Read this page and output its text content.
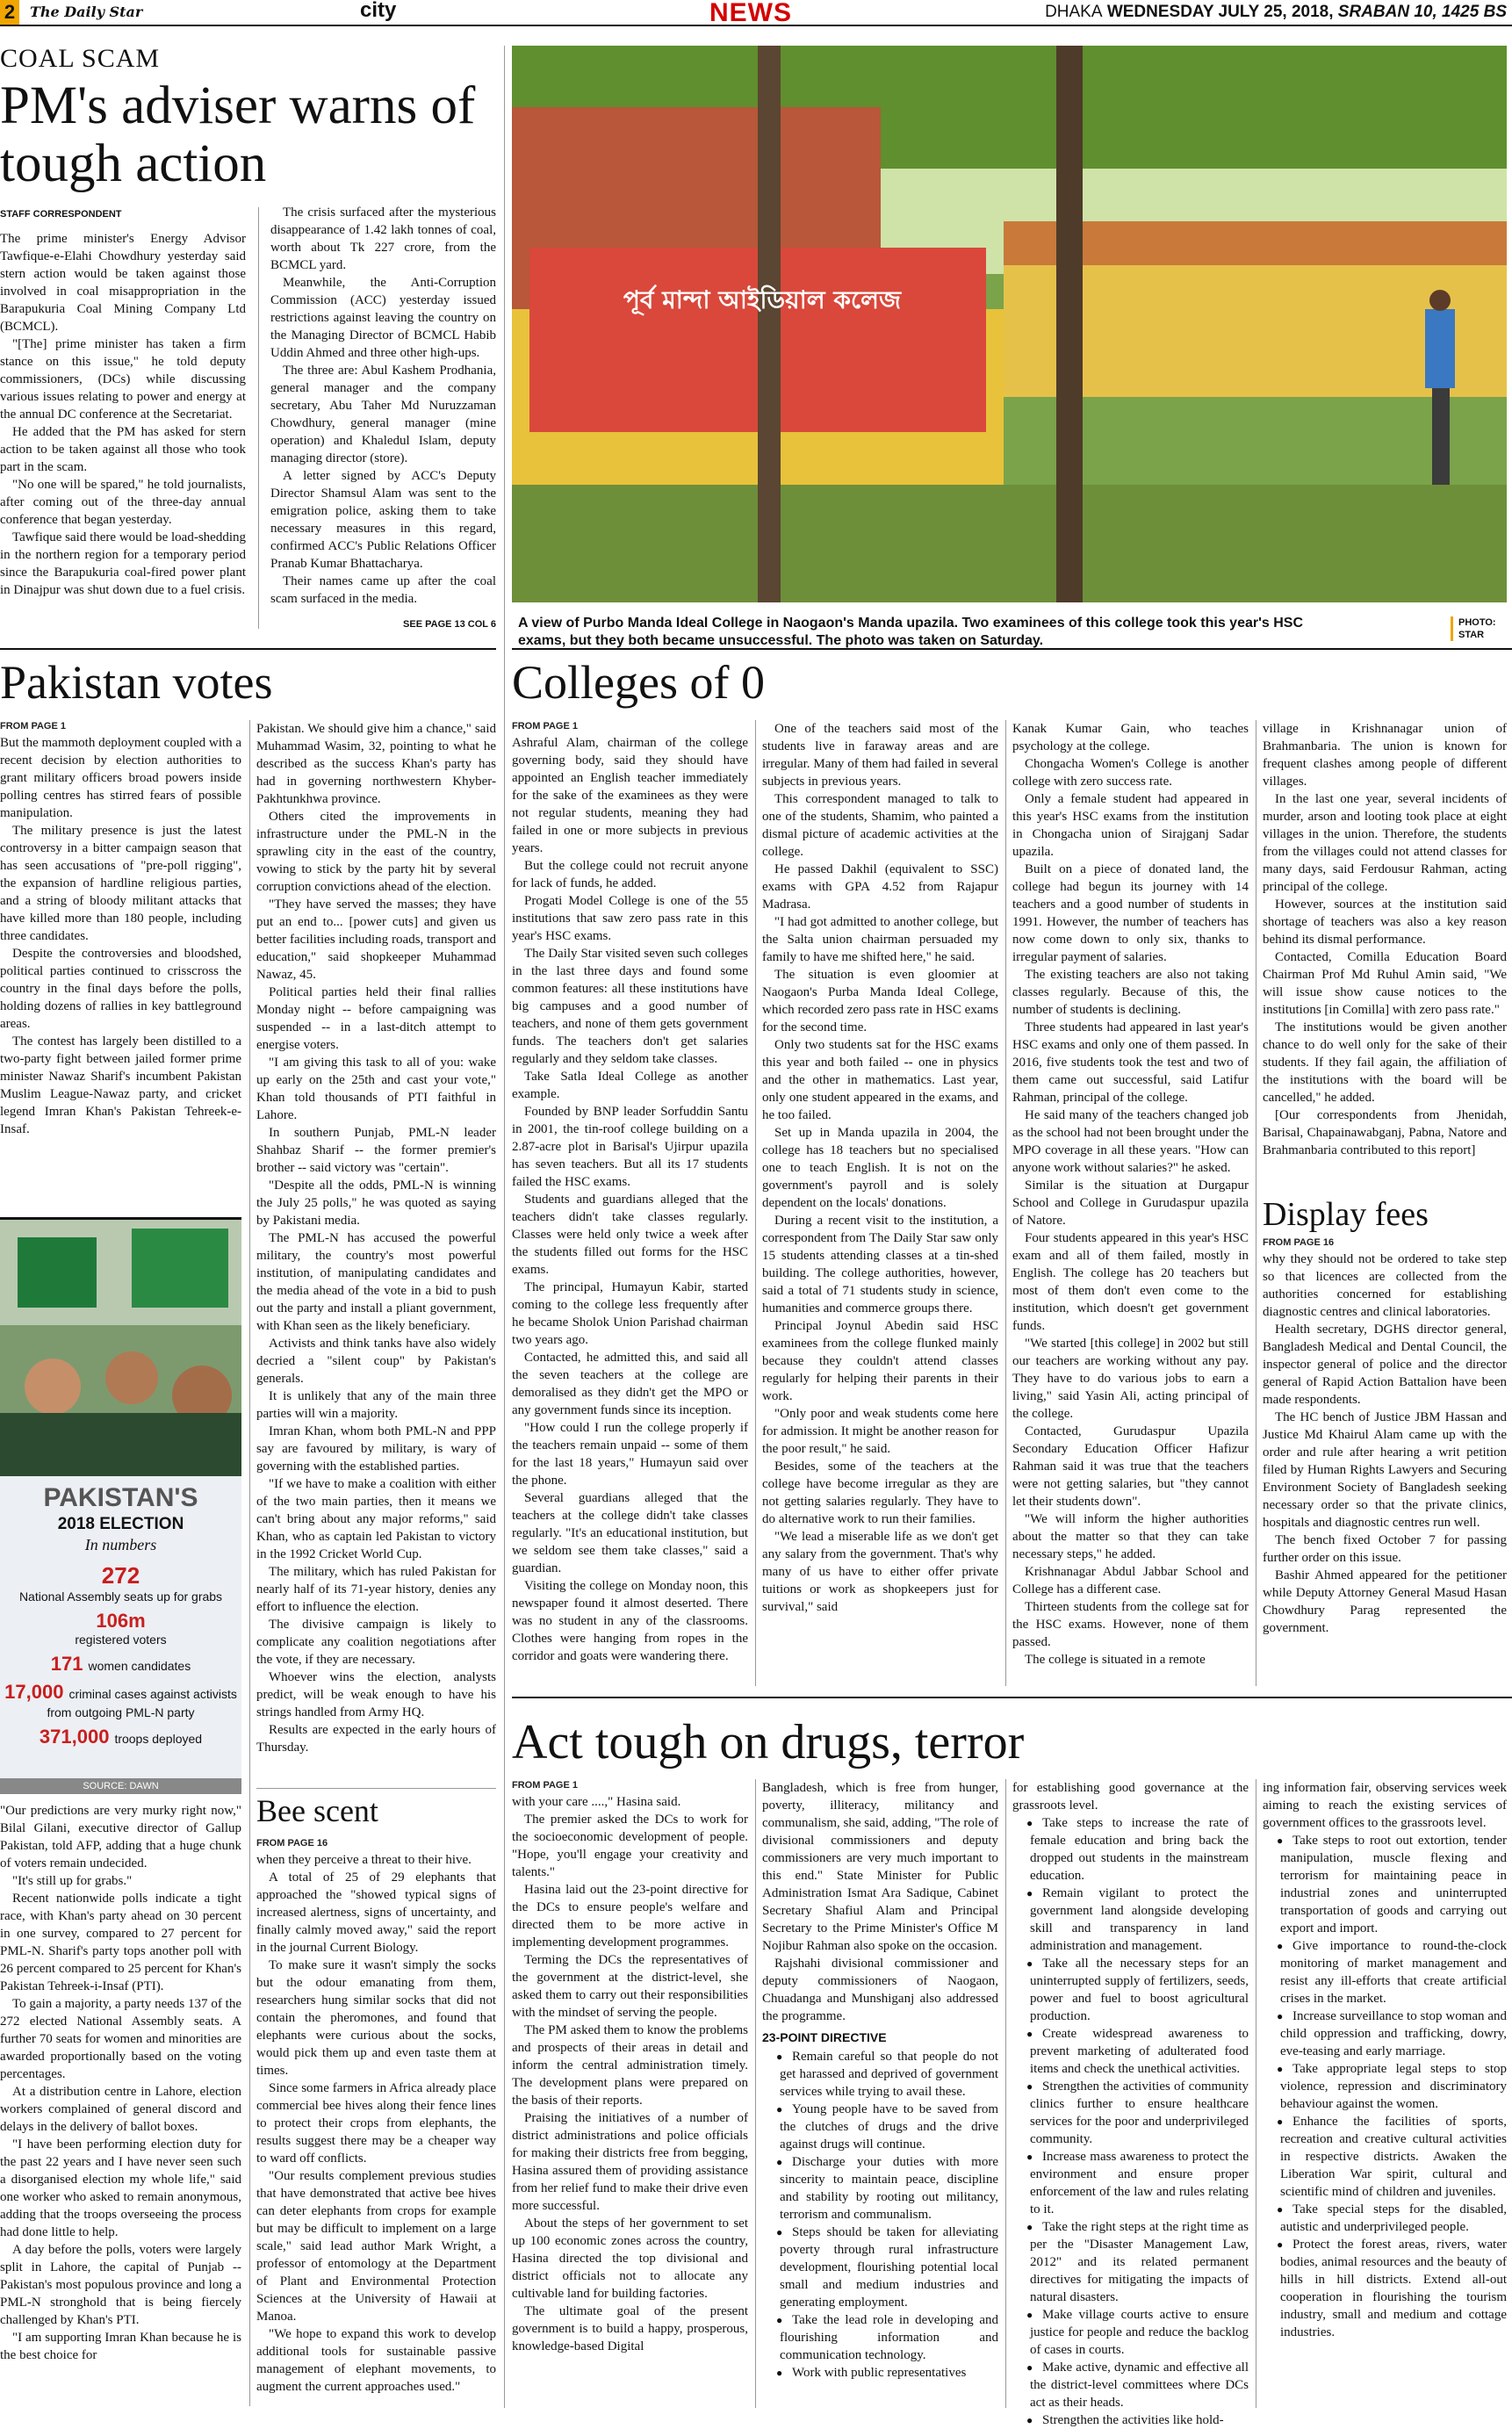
2	The Daily Star	city	NEWS	DHAKA WEDNESDAY JULY 25, 2018, SRABAN 10, 1425 BS
COAL SCAM
PM's adviser warns of tough action
STAFF CORRESPONDENT

The prime minister's Energy Advisor Tawfique-e-Elahi Chowdhury yesterday said stern action would be taken against those involved in coal misappropriation in the Barapukuria Coal Mining Company Ltd (BCMCL).

"[The] prime minister has taken a firm stance on this issue," he told deputy commissioners, (DCs) while discussing various issues relating to power and energy at the annual DC conference at the Secretariat.

He added that the PM has asked for stern action to be taken against all those who took part in the scam.

"No one will be spared," he told journalists, after coming out of the three-day annual conference that began yesterday.

Tawfique said there would be load-shedding in the northern region for a temporary period since the Barapukuria coal-fired power plant in Dinajpur was shut down due to a fuel crisis.

The crisis surfaced after the mysterious disappearance of 1.42 lakh tonnes of coal, worth about Tk 227 crore, from the BCMCL yard.

Meanwhile, the Anti-Corruption Commission (ACC) yesterday issued restrictions against leaving the country on the Managing Director of BCMCL Habib Uddin Ahmed and three other high-ups.

The three are: Abul Kashem Prodhania, general manager and the company secretary, Abu Taher Md Nuruzzaman Chowdhury, general manager (mine operation) and Khaledul Islam, deputy managing director (store).

A letter signed by ACC's Deputy Director Shamsul Alam was sent to the emigration police, asking them to take necessary measures in this regard, confirmed ACC's Public Relations Officer Pranab Kumar Bhattacharya.

Their names came up after the coal scam surfaced in the media.

SEE PAGE 13 COL 6
পূর্ব মান্দা আইডিয়াল কলেজ
A view of Purbo Manda Ideal College in Naogaon's Manda upazila. Two examinees of this college took this year's HSC exams, but they both became unsuccessful. The photo was taken on Saturday.
PHOTO:
STAR
Pakistan votes
FROM PAGE 1

But the mammoth deployment coupled with a recent decision by election authorities to grant military officers broad powers inside polling centres has stirred fears of possible manipulation.

The military presence is just the latest controversy in a bitter campaign season that has seen accusations of "pre-poll rigging", the expansion of hardline religious parties, and a string of bloody militant attacks that have killed more than 180 people, including three candidates.

Despite the controversies and bloodshed, political parties continued to crisscross the country in the final days before the polls, holding dozens of rallies in key battleground areas.

The contest has largely been distilled to a two-party fight between jailed former prime minister Nawaz Sharif's incumbent Pakistan Muslim League-Nawaz party, and cricket legend Imran Khan's Pakistan Tehreek-e-Insaf.

PAKISTAN'S
2018 ELECTION
In numbers
272
National Assembly seats up for grabs
106m
registered voters
171 women candidates
17,000 criminal cases against activists from outgoing PML-N party
371,000 troops deployed
SOURCE: DAWN

"Our predictions are very murky right now," Bilal Gilani, executive director of Gallup Pakistan, told AFP, adding that a huge chunk of voters remain undecided.

"It's still up for grabs."

Recent nationwide polls indicate a tight race, with Khan's party ahead on 30 percent in one survey, compared to 27 percent for PML-N. Sharif's party tops another poll with 26 percent compared to 25 percent for Khan's Pakistan Tehreek-i-Insaf (PTI).

To gain a majority, a party needs 137 of the 272 elected National Assembly seats. A further 70 seats for women and minorities are awarded proportionally based on the voting percentages.

At a distribution centre in Lahore, election workers complained of general discord and delays in the delivery of ballot boxes.

"I have been performing election duty for the past 22 years and I have never seen such a disorganised election my whole life," said one worker who asked to remain anonymous, adding that the troops overseeing the process had done little to help.

A day before the polls, voters were largely split in Lahore, the capital of Punjab -- Pakistan's most populous province and long a PML-N stronghold that is being fiercely challenged by Khan's PTI.

"I am supporting Imran Khan because he is the best choice for

Pakistan. We should give him a chance," said Muhammad Wasim, 32, pointing to what he described as the success Khan's party has had in governing northwestern Khyber-Pakhtunkhwa province.

Others cited the improvements in infrastructure under the PML-N in the sprawling city in the east of the country, vowing to stick by the party hit by several corruption convictions ahead of the election.

"They have served the masses; they have put an end to... [power cuts] and given us better facilities including roads, transport and education," said shopkeeper Muhammad Nawaz, 45.

Political parties held their final rallies Monday night -- before campaigning was suspended -- in a last-ditch attempt to energise voters.

"I am giving this task to all of you: wake up early on the 25th and cast your vote," Khan told thousands of PTI faithful in Lahore.

In southern Punjab, PML-N leader Shahbaz Sharif -- the former premier's brother -- said victory was "certain".

"Despite all the odds, PML-N is winning the July 25 polls," he was quoted as saying by Pakistani media.

The PML-N has accused the powerful military, the country's most powerful institution, of manipulating candidates and the media ahead of the vote in a bid to push out the party and install a pliant government, with Khan seen as the likely beneficiary.

Activists and think tanks have also widely decried a "silent coup" by Pakistan's generals.

It is unlikely that any of the main three parties will win a majority.

Imran Khan, whom both PML-N and PPP say are favoured by military, is wary of governing with the established parties.

"If we have to make a coalition with either of the two main parties, then it means we can't bring about any major reforms," said Khan, who as captain led Pakistan to victory in the 1992 Cricket World Cup.

The military, which has ruled Pakistan for nearly half of its 71-year history, denies any effort to influence the election.

The divisive campaign is likely to complicate any coalition negotiations after the vote, if they are necessary.

Whoever wins the election, analysts predict, will be weak enough to have his strings handled from Army HQ.

Results are expected in the early hours of Thursday.

Bee scent
FROM PAGE 16

when they perceive a threat to their hive.

A total of 25 of 29 elephants that approached the "showed typical signs of increased alertness, signs of uncertainty, and finally calmly moved away," said the report in the journal Current Biology.

To make sure it wasn't simply the socks but the odour emanating from them, researchers hung similar socks that did not contain the pheromones, and found that elephants were curious about the socks, would pick them up and even taste them at times.

Since some farmers in Africa already place commercial bee hives along their fence lines to protect their crops from elephants, the results suggest there may be a cheaper way to ward off conflicts.

"Our results complement previous studies that have demonstrated that active bee hives can deter elephants from crops for example but may be difficult to implement on a large scale," said lead author Mark Wright, a professor of entomology at the Department of Plant and Environmental Protection Sciences at the University of Hawaii at Manoa.

"We hope to expand this work to develop additional tools for sustainable passive management of elephant movements, to augment the current approaches used."

Colleges of 0
FROM PAGE 1

Ashraful Alam, chairman of the college governing body, said they should have appointed an English teacher immediately for the sake of the examinees as they were not regular students, meaning they had failed in one or more subjects in previous years.

But the college could not recruit anyone for lack of funds, he added.

Progati Model College is one of the 55 institutions that saw zero pass rate in this year's HSC exams.

The Daily Star visited seven such colleges in the last three days and found some common features: all these institutions have big campuses and a good number of teachers, and none of them gets government funds. The teachers don't get salaries regularly and they seldom take classes.

Take Satla Ideal College as another example.

Founded by BNP leader Sorfuddin Santu in 2001, the tin-roof college building on a 2.87-acre plot in Barisal's Ujirpur upazila has seven teachers. But all its 17 students failed the HSC exams.

Students and guardians alleged that the teachers didn't take classes regularly. Classes were held only twice a week after the students filled out forms for the HSC exams.

The principal, Humayun Kabir, started coming to the college less frequently after he became Sholok Union Parishad chairman two years ago.

Contacted, he admitted this, and said all the seven teachers at the college are demoralised as they didn't get the MPO or any government funds since its inception.

"How could I run the college properly if the teachers remain unpaid -- some of them for the last 18 years," Humayun said over the phone.

Several guardians alleged that the teachers at the college didn't take classes regularly. "It's an educational institution, but we seldom see them take classes," said a guardian.

Visiting the college on Monday noon, this newspaper found it almost deserted. There was no student in any of the classrooms. Clothes were hanging from ropes in the corridor and goats were wandering there.

One of the teachers said most of the students live in faraway areas and are irregular. Many of them had failed in several subjects in previous years.

This correspondent managed to talk to one of the students, Shamim, who painted a dismal picture of academic activities at the college.

He passed Dakhil (equivalent to SSC) exams with GPA 4.52 from Rajapur Madrasa.

"I had got admitted to another college, but the Salta union chairman persuaded my family to have me shifted here," he said.

The situation is even gloomier at Naogaon's Purba Manda Ideal College, which recorded zero pass rate in HSC exams for the second time.

Only two students sat for the HSC exams this year and both failed -- one in physics and the other in mathematics. Last year, only one student appeared in the exams, and he too failed.

Set up in Manda upazila in 2004, the college has 18 teachers but no specialised one to teach English. It is not on the government's payroll and is solely dependent on the locals' donations.

During a recent visit to the institution, a correspondent from The Daily Star saw only 15 students attending classes at a tin-shed building. The college authorities, however, said a total of 71 students study in science, humanities and commerce groups there.

Principal Joynul Abedin said HSC examinees from the college flunked mainly because they couldn't attend classes regularly for helping their parents in their work.

"Only poor and weak students come here for admission. It might be another reason for the poor result," he said.

Besides, some of the teachers at the college have become irregular as they are not getting salaries regularly. They have to do alternative work to run their families.

"We lead a miserable life as we don't get any salary from the government. That's why many of us have to either offer private tuitions or work as shopkeepers just for survival," said

Kanak Kumar Gain, who teaches psychology at the college.

Chongacha Women's College is another college with zero success rate.

Only a female student had appeared in this year's HSC exams from the institution in Chongacha union of Sirajganj Sadar upazila.

Built on a piece of donated land, the college had begun its journey with 14 teachers and a good number of students in 1991. However, the number of teachers has now come down to only six, thanks to irregular payment of salaries.

The existing teachers are also not taking classes regularly. Because of this, the number of students is declining.

Three students had appeared in last year's HSC exams and only one of them passed. In 2016, five students took the test and two of them came out successful, said Latifur Rahman, principal of the college.

He said many of the teachers changed job as the school had not been brought under the MPO coverage in all these years. "How can anyone work without salaries?" he asked.

Similar is the situation at Durgapur School and College in Gurudaspur upazila of Natore.

Four students appeared in this year's HSC exam and all of them failed, mostly in English. The college has 20 teachers but most of them don't even come to the institution, which doesn't get government funds.

"We started [this college] in 2002 but still our teachers are working without any pay. They have to do various jobs to earn a living," said Yasin Ali, acting principal of the college.

Contacted, Gurudaspur Upazila Secondary Education Officer Hafizur Rahman said it was true that the teachers were not getting salaries, but "they cannot let their students down".

"We will inform the higher authorities about the matter so that they can take necessary steps," he added.

Krishnanagar Abdul Jabbar School and College has a different case.

Thirteen students from the college sat for the HSC exams. However, none of them passed.

The college is situated in a remote

village in Krishnanagar union of Brahmanbaria. The union is known for frequent clashes among people of different villages.

In the last one year, several incidents of murder, arson and looting took place at eight villages in the union. Therefore, the students from the villages could not attend classes for many days, said Ferdousur Rahman, acting principal of the college.

However, sources at the institution said shortage of teachers was also a key reason behind its dismal performance.

Contacted, Comilla Education Board Chairman Prof Md Ruhul Amin said, "We will issue show cause notices to the institutions [in Comilla] with zero pass rate."

The institutions would be given another chance to do well only for the sake of their students. If they fail again, the affiliation of the institutions with the board will be cancelled," he added.

[Our correspondents from Jhenidah, Barisal, Chapainawabganj, Pabna, Natore and Brahmanbaria contributed to this report]

Display fees
FROM PAGE 16

why they should not be ordered to take step so that licences are collected from the authorities concerned for establishing diagnostic centres and clinical laboratories.

Health secretary, DGHS director general, Bangladesh Medical and Dental Council, the inspector general of police and the director general of Rapid Action Battalion have been made respondents.

The HC bench of Justice JBM Hassan and Justice Md Khairul Alam came up with the order and rule after hearing a writ petition filed by Human Rights Lawyers and Securing Environment Society of Bangladesh seeking necessary order so that the private clinics, hospitals and diagnostic centres run well.

The bench fixed October 7 for passing further order on this issue.

Bashir Ahmed appeared for the petitioner while Deputy Attorney General Masud Hasan Chowdhury Parag represented the government.

Act tough on drugs, terror
FROM PAGE 1

with your care ....," Hasina said.

The premier asked the DCs to work for the socioeconomic development of people. "Hope, you'll engage your creativity and talents."

Hasina laid out the 23-point directive for the DCs to ensure people's welfare and directed them to be more active in implementing development programmes.

Terming the DCs the representatives of the government at the district-level, she asked them to carry out their responsibilities with the mindset of serving the people.

The PM asked them to know the problems and prospects of their areas in detail and inform the central administration timely. The development plans were prepared on the basis of their reports.

Praising the initiatives of a number of district administrations and police officials for making their districts free from begging, Hasina assured them of providing assistance from her relief fund to make their drive even more successful.

About the steps of her government to set up 100 economic zones across the country, Hasina directed the top divisional and district officials not to allocate any cultivable land for building factories.

The ultimate goal of the present government is to build a happy, prosperous, knowledge-based Digital

Bangladesh, which is free from hunger, poverty, illiteracy, militancy and communalism, she said, adding, "The role of divisional commissioners and deputy commissioners are very much important to this end." State Minister for Public Administration Ismat Ara Sadique, Cabinet Secretary Shafiul Alam and Principal Secretary to the Prime Minister's Office M Nojibur Rahman also spoke on the occasion.

Rajshahi divisional commissioner and deputy commissioners of Naogaon, Chuadanga and Munshiganj also addressed the programme.

23-POINT DIRECTIVE

● Remain careful so that people do not get harassed and deprived of government services while trying to avail these.

● Young people have to be saved from the clutches of drugs and the drive against drugs will continue.

● Discharge your duties with more sincerity to maintain peace, discipline and stability by rooting out militancy, terrorism and communalism.

● Steps should be taken for alleviating poverty through rural infrastructure development, flourishing potential local small and medium industries and generating employment.

● Take the lead role in developing and flourishing information and communication technology.

● Work with public representatives

for establishing good governance at the grassroots level.

● Take steps to increase the rate of female education and bring back the dropped out students in the mainstream education.

● Remain vigilant to protect the government land alongside developing skill and transparency in land administration and management.

● Take all the necessary steps for an uninterrupted supply of fertilizers, seeds, power and fuel to boost agricultural production.

● Create widespread awareness to prevent marketing of adulterated food items and check the unethical activities.

● Strengthen the activities of community clinics further to ensure healthcare services for the poor and underprivileged community.

● Increase mass awareness to protect the environment and ensure proper enforcement of the law and rules relating to it.

● Take the right steps at the right time as per the "Disaster Management Law, 2012" and its related permanent directives for mitigating the impacts of natural disasters.

● Make village courts active to ensure justice for people and reduce the backlog of cases in courts.

● Make active, dynamic and effective all the district-level committees where DCs act as their heads.

● Strengthen the activities like hold-

ing information fair, observing services week aiming to reach the existing services of government offices to the grassroots level.

● Take steps to root out extortion, tender manipulation, muscle flexing and terrorism for maintaining peace in industrial zones and uninterrupted transportation of goods and carrying out export and import.

● Give importance to round-the-clock monitoring of market management and resist any ill-efforts that create artificial crises in the market.

● Increase surveillance to stop woman and child oppression and trafficking, dowry, eve-teasing and early marriage.

● Take appropriate legal steps to stop violence, repression and discriminatory behaviour against the women.

● Enhance the facilities of sports, recreation and creative cultural activities in respective districts. Awaken the Liberation War spirit, cultural and scientific mind of children and juveniles.

● Take special steps for the disabled, autistic and underprivileged people.

● Protect the forest areas, rivers, water bodies, animal resources and the beauty of hills in hill districts. Extend all-out cooperation in flourishing the tourism industry, small and medium and cottage industries.
